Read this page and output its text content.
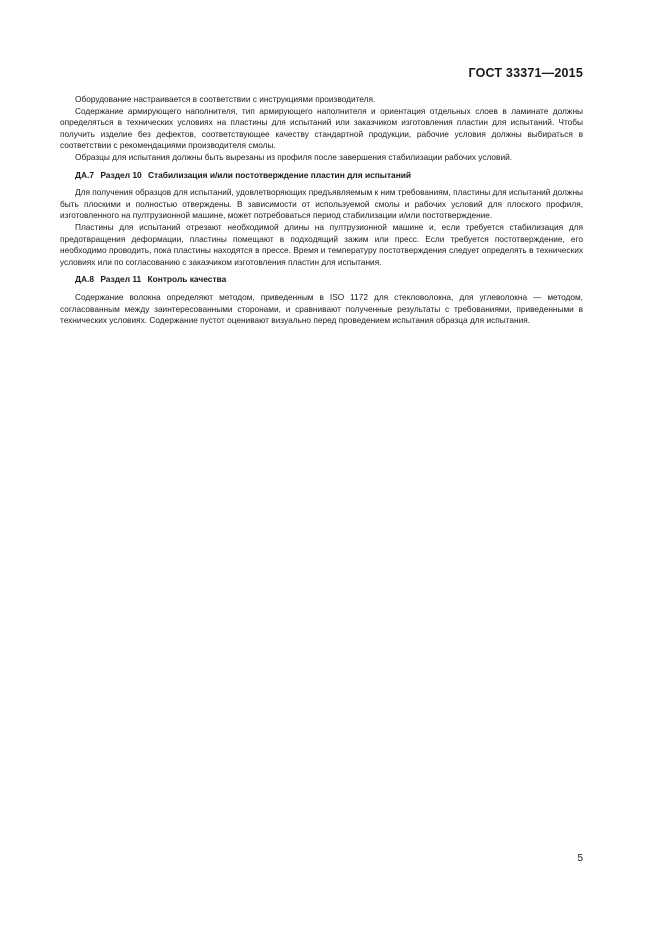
ГОСТ 33371—2015

Оборудование настраивается в соответствии с инструкциями производителя.

Содержание армирующего наполнителя, тип армирующего наполнителя и ориентация отдельных слоев в ламинате должны определяться в технических условиях на пластины для испытаний или заказчиком изготовления пластин для испытаний. Чтобы получить изделие без дефектов, соответствующее качеству стандартной продукции, рабочие условия должны выбираться в соответствии с рекомендациями производителя смолы.

Образцы для испытания должны быть вырезаны из профиля после завершения стабилизации рабочих условий.

ДА.7 Раздел 10 Стабилизация и/или постотверждение пластин для испытаний

Для получения образцов для испытаний, удовлетворяющих предъявляемым к ним требованиям, пластины для испытаний должны быть плоскими и полностью отверждены. В зависимости от используемой смолы и рабочих условий для плоского профиля, изготовленного на пултрузионной машине, может потребоваться период стабилизации и/или постотверждение.

Пластины для испытаний отрезают необходимой длины на пултрузионной машине и, если требуется стабилизация для предотвращения деформации, пластины помещают в подходящий зажим или пресс. Если требуется постотверждение, его необходимо проводить, пока пластины находятся в прессе. Время и температуру постотверждения следует определять в технических условиях или по согласованию с заказчиком изготовления пластин для испытания.

ДА.8 Раздел 11 Контроль качества

Содержание волокна определяют методом, приведенным в ISO 1172 для стекловолокна, для углеволокна — методом, согласованным между заинтересованными сторонами, и сравнивают полученные результаты с требованиями, приведенными в технических условиях. Содержание пустот оценивают визуально перед проведением испытания образца для испытания.

5
